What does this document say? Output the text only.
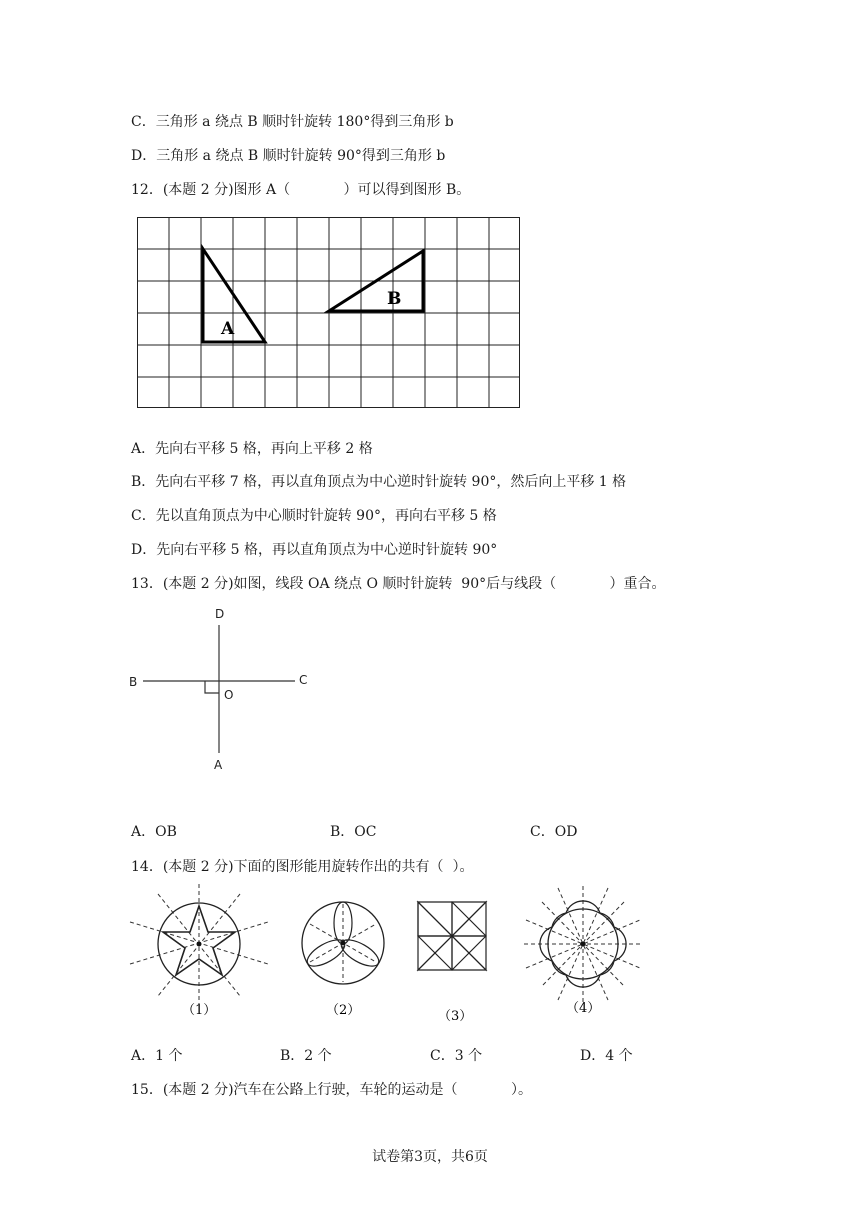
C．三角形 a 绕点 B 顺时针旋转 180°得到三角形 b
D．三角形 a 绕点 B 顺时针旋转 90°得到三角形 b
12．(本题 2 分)图形 A（            ）可以得到图形 B。
A
B
A．先向右平移 5 格，再向上平移 2 格
B．先向右平移 7 格，再以直角顶点为中心逆时针旋转 90°，然后向上平移 1 格
C．先以直角顶点为中心顺时针旋转 90°，再向右平移 5 格
D．先向右平移 5 格，再以直角顶点为中心逆时针旋转 90°
13．(本题 2 分)如图，线段 OA 绕点 O 顺时针旋转  90°后与线段（            ）重合。
D
B	C
O
A
A．OB	B．OC	C．OD
14．(本题 2 分)下面的图形能用旋转作出的共有（  ）。
（1）	（2）	（3）
（4）
A．1 个	B．2 个	C．3 个	D．4 个
15．(本题 2 分)汽车在公路上行驶，车轮的运动是（            ）。
试卷第3页，共6页
